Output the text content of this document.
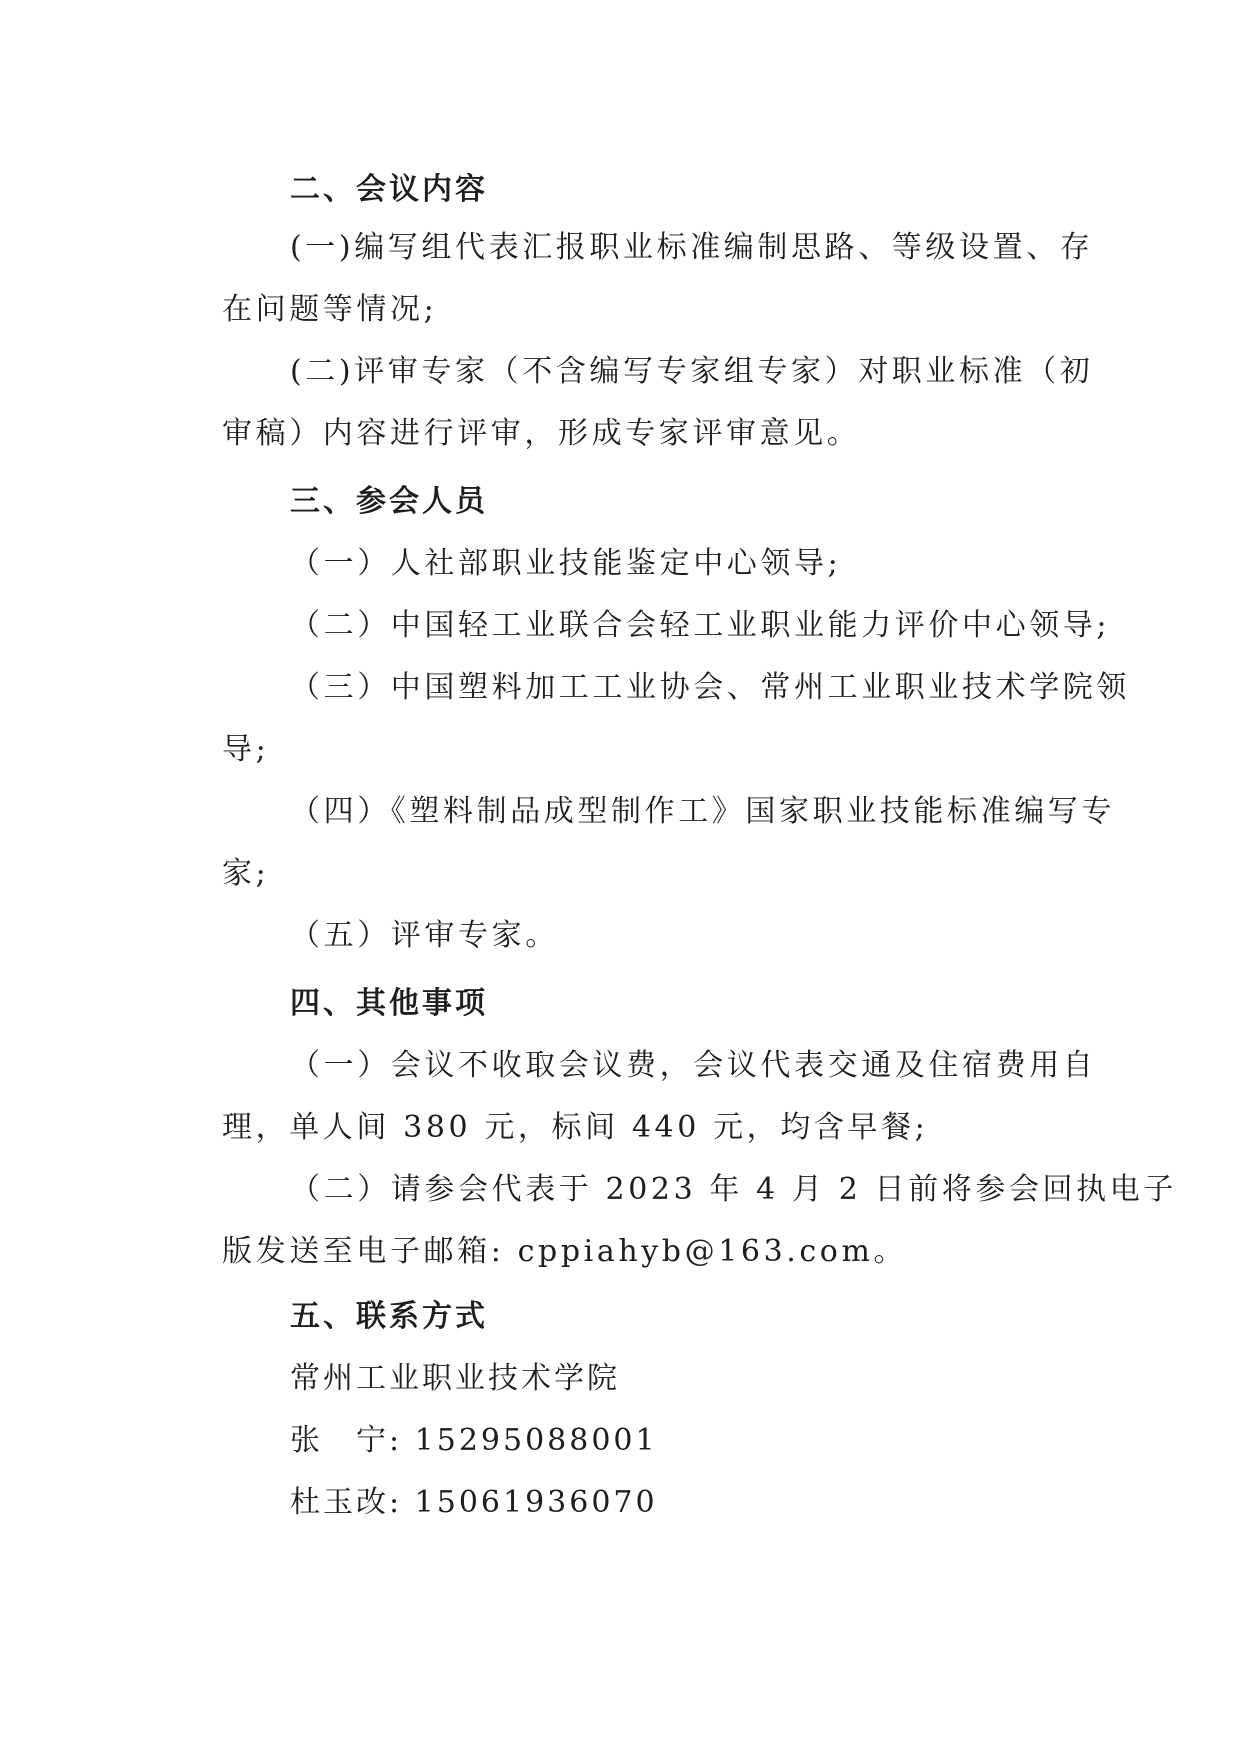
二、会议内容
(一)编写组代表汇报职业标准编制思路、等级设置、存
在问题等情况;
(二)评审专家（不含编写专家组专家）对职业标准（初
审稿）内容进行评审，形成专家评审意见。
三、参会人员
（一）人社部职业技能鉴定中心领导;
（二）中国轻工业联合会轻工业职业能力评价中心领导;
（三）中国塑料加工工业协会、常州工业职业技术学院领
导;
（四）《塑料制品成型制作工》国家职业技能标准编写专
家;
（五）评审专家。
四、其他事项
（一）会议不收取会议费，会议代表交通及住宿费用自
理，单人间 380 元，标间 440 元，均含早餐;
（二）请参会代表于 2023 年 4 月 2 日前将参会回执电子
版发送至电子邮箱: cppiahyb@163.com。
五、联系方式
常州工业职业技术学院
张　宁: 15295088001
杜玉改: 15061936070
